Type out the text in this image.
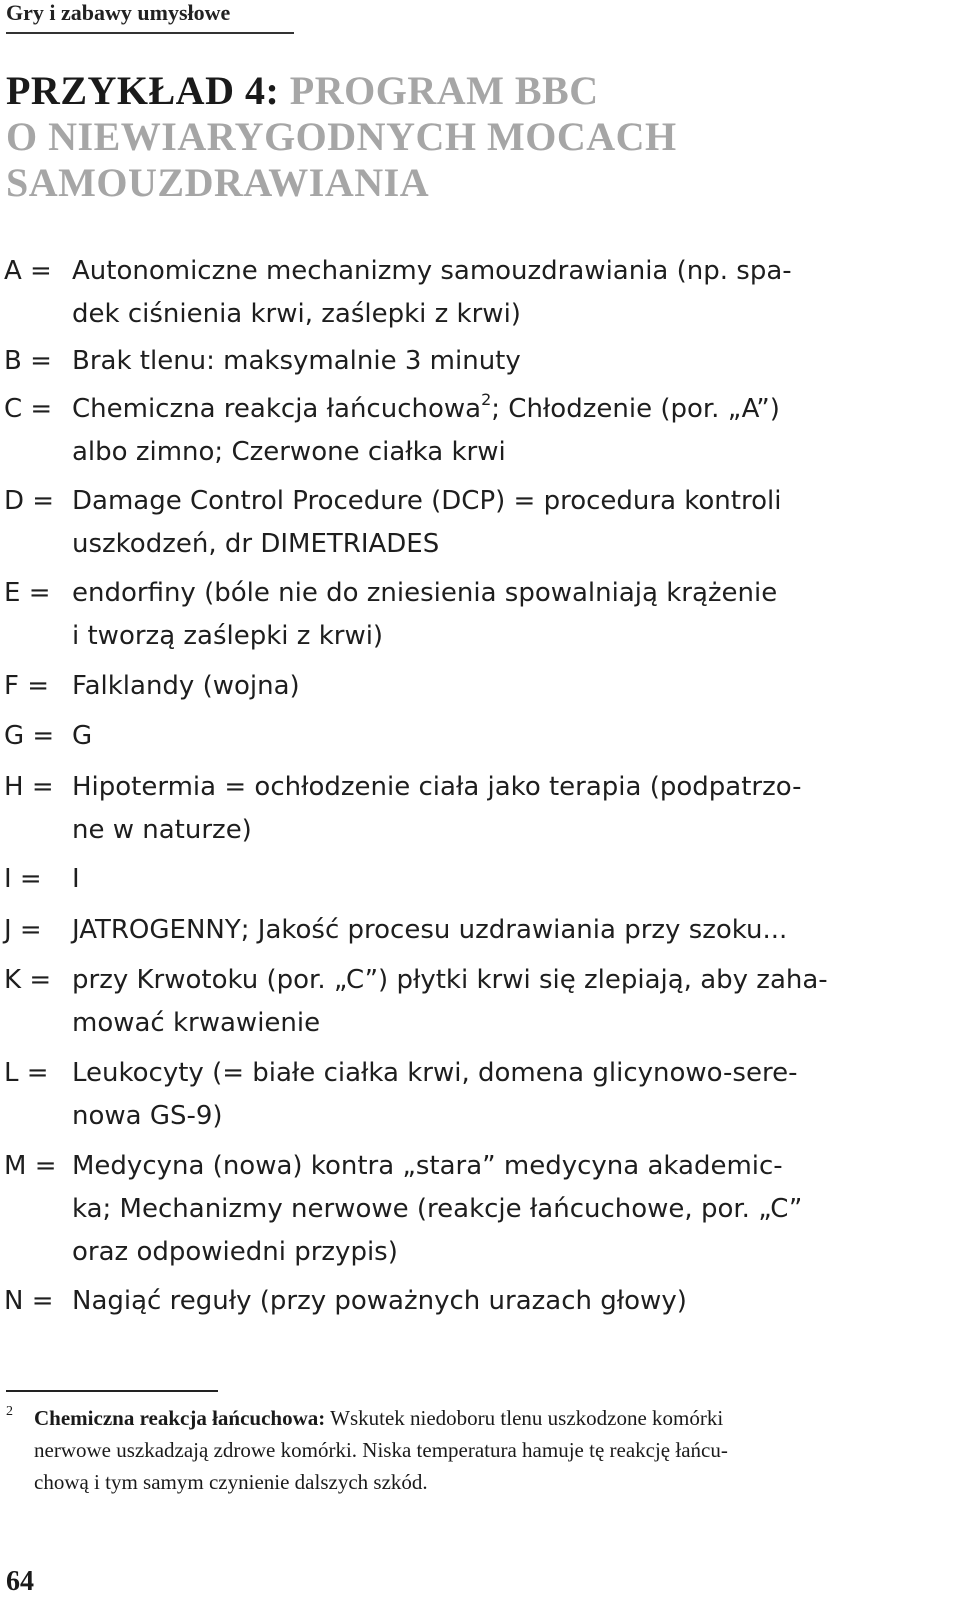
Gry i zabawy umysłowe
PRZYKŁAD 4: PROGRAM BBC
O NIEWIARYGODNYCH MOCACH
SAMOUZDRAWIANIA
A = Autonomiczne mechanizmy samouzdrawiania (np. spa-
dek ciśnienia krwi, zaślepki z krwi)
B = Brak tlenu: maksymalnie 3 minuty
C = Chemiczna reakcja łańcuchowa$^2$; Chłodzenie (por. „A”)
albo zimno; Czerwone ciałka krwi
D = Damage Control Procedure (DCP) = procedura kontroli
uszkodzeń, dr DIMETRIADES
E = endorfiny (bóle nie do zniesienia spowalniają krążenie
i tworzą zaślepki z krwi)
F = Falklandy (wojna)
G = G
H = Hipotermia = ochłodzenie ciała jako terapia (podpatrzo-
ne w naturze)
I =	I
J =	JATROGENNY; Jakość procesu uzdrawiania przy szoku...
K = przy Krwotoku (por. „C”) płytki krwi się zlepiają, aby zaha-
mować krwawienie
L = Leukocyty (= białe ciałka krwi, domena glicynowo-sere-
nowa GS-9)
M = Medycyna (nowa) kontra „stara” medycyna akademic-
ka; Mechanizmy nerwowe (reakcje łańcuchowe, por. „C”
oraz odpowiedni przypis)
N = Nagiąć reguły (przy poważnych urazach głowy)
2 Chemiczna reakcja łańcuchowa: Wskutek niedoboru tlenu uszkodzone komórki
nerwowe uszkadzają zdrowe komórki. Niska temperatura hamuje tę reakcję łańcu-
chową i tym samym czynienie dalszych szkód.
64
